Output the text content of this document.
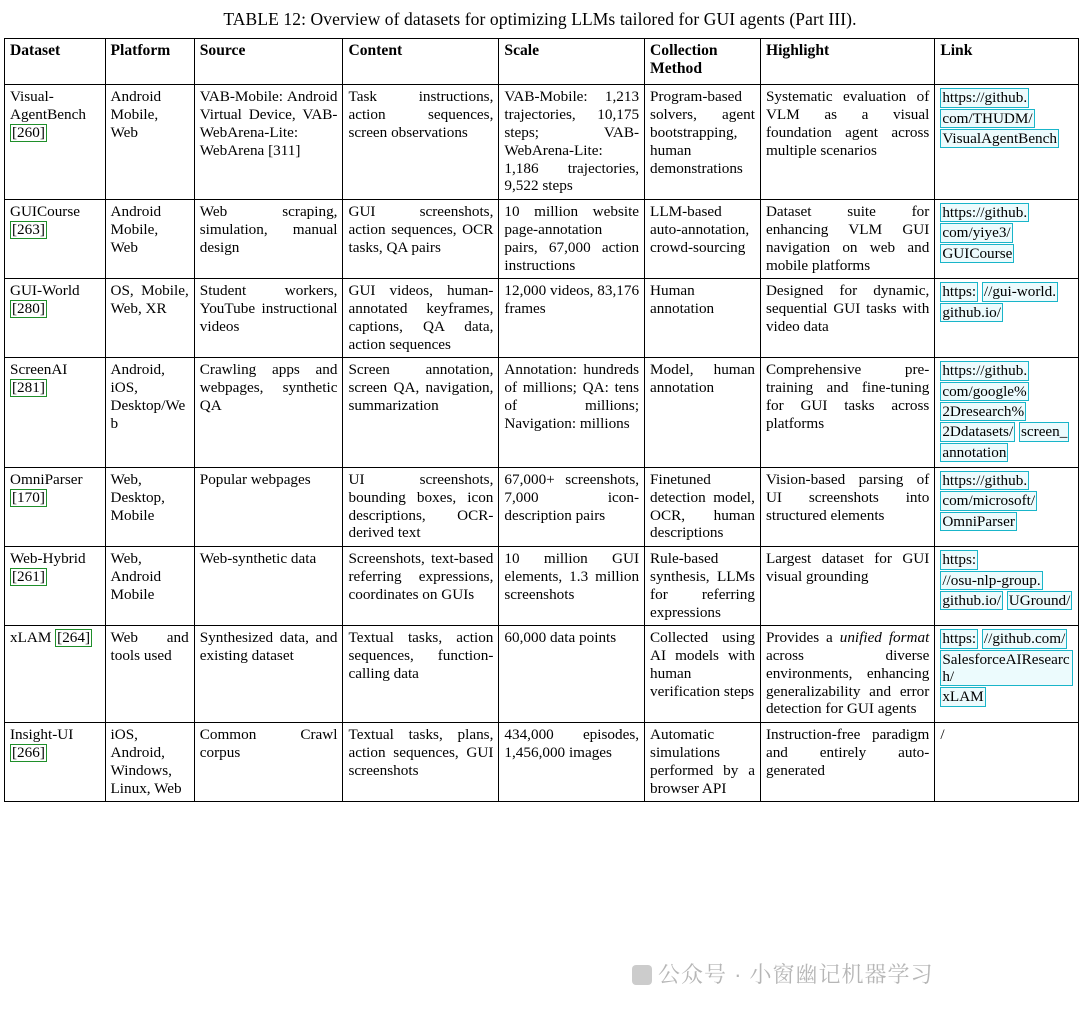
TABLE 12: Overview of datasets for optimizing LLMs tailored for GUI agents (Part III).
Dataset	Platform	Source	Content	Scale	Collection Method	Highlight	Link
Visual-AgentBench [260]	Android Mobile, Web	VAB-Mobile: Android Virtual Device, VAB-WebArena-Lite: WebArena [311]	Task instructions, action sequences, screen observations	VAB-Mobile: 1,213 trajectories, 10,175 steps; VAB-WebArena-Lite: 1,186 trajectories, 9,522 steps	Program-based solvers, agent bootstrapping, human demonstrations	Systematic evaluation of VLM as a visual foundation agent across multiple scenarios	https://github. com/THUDM/ VisualAgentBench
GUICourse [263]	Android Mobile, Web	Web scraping, simulation, manual design	GUI screenshots, action sequences, OCR tasks, QA pairs	10 million website page-annotation pairs, 67,000 action instructions	LLM-based auto-annotation, crowd-sourcing	Dataset suite for enhancing VLM GUI navigation on web and mobile platforms	https://github. com/yiye3/ GUICourse
GUI-World [280]	OS, Mobile, Web, XR	Student workers, YouTube instructional videos	GUI videos, human-annotated keyframes, captions, QA data, action sequences	12,000 videos, 83,176 frames	Human annotation	Designed for dynamic, sequential GUI tasks with video data	https: //gui-world. github.io/
ScreenAI [281]	Android, iOS, Desktop/Web	Crawling apps and webpages, synthetic QA	Screen annotation, screen QA, navigation, summarization	Annotation: hundreds of millions; QA: tens of millions; Navigation: millions	Model, human annotation	Comprehensive pre-training and fine-tuning for GUI tasks across platforms	https://github. com/google% 2Dresearch% 2Ddatasets/ screen_ annotation
OmniParser [170]	Web, Desktop, Mobile	Popular webpages	UI screenshots, bounding boxes, icon descriptions, OCR-derived text	67,000+ screenshots, 7,000 icon-description pairs	Finetuned detection model, OCR, human descriptions	Vision-based parsing of UI screenshots into structured elements	https://github. com/microsoft/ OmniParser
Web-Hybrid [261]	Web, Android Mobile	Web-synthetic data	Screenshots, text-based referring expressions, coordinates on GUIs	10 million GUI elements, 1.3 million screenshots	Rule-based synthesis, LLMs for referring expressions	Largest dataset for GUI visual grounding	https: //osu-nlp-group. github.io/ UGround/
xLAM [264]	Web and tools used	Synthesized data, and existing dataset	Textual tasks, action sequences, function-calling data	60,000 data points	Collected using AI models with human verification steps	Provides a unified format across diverse environments, enhancing generalizability and error detection for GUI agents	https: //github.com/ SalesforceAIResearch/ xLAM
Insight-UI [266]	iOS, Android, Windows, Linux, Web	Common Crawl corpus	Textual tasks, plans, action sequences, GUI screenshots	434,000 episodes, 1,456,000 images	Automatic simulations performed by a browser API	Instruction-free paradigm and entirely auto-generated	/
公众号 · 小窗幽记机器学习
